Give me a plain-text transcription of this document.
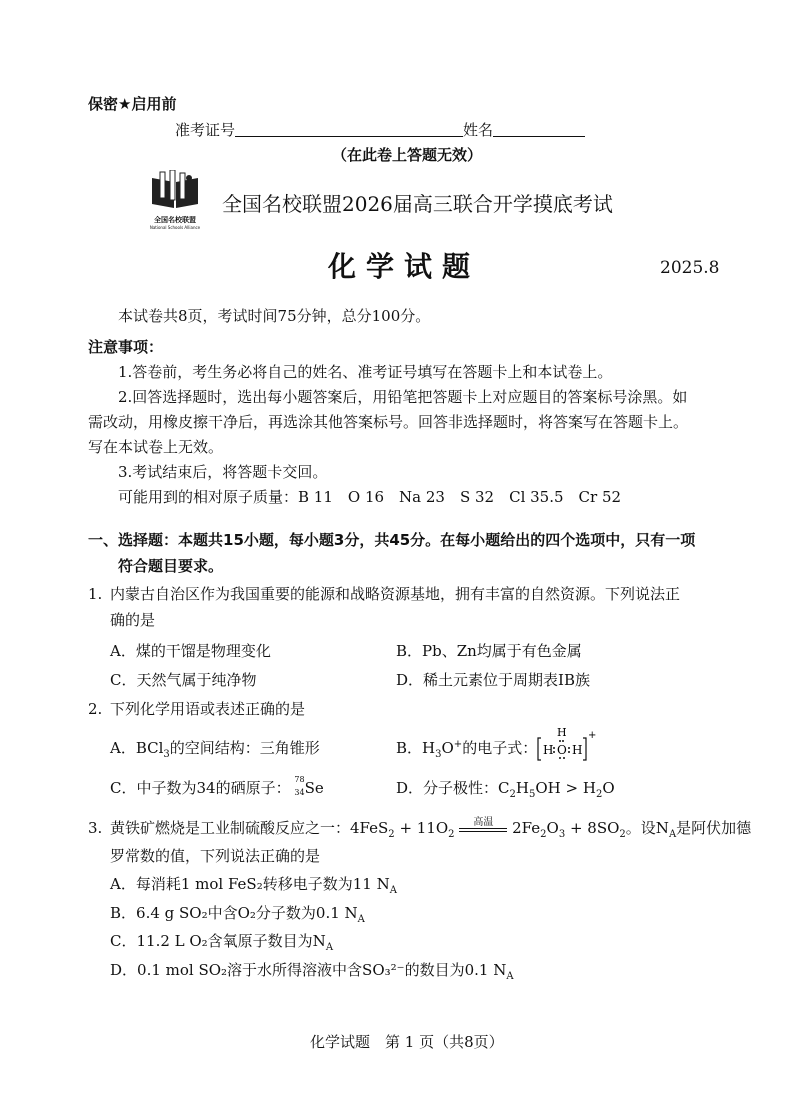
保密★启用前
准考证号	姓名
（在此卷上答题无效）
全国名校联盟
National Schools Alliance
全国名校联盟2026届高三联合开学摸底考试
化学试题	2025.8
本试卷共8页，考试时间75分钟，总分100分。
注意事项：
1.答卷前，考生务必将自己的姓名、准考证号填写在答题卡上和本试卷上。
2.回答选择题时，选出每小题答案后，用铅笔把答题卡上对应题目的答案标号涂黑。如
需改动，用橡皮擦干净后，再选涂其他答案标号。回答非选择题时，将答案写在答题卡上。
写在本试卷上无效。
3.考试结束后，将答题卡交回。
可能用到的相对原子质量：B 11　O 16　Na 23　S 32　Cl 35.5　Cr 52
一、选择题：本题共15小题，每小题3分，共45分。在每小题给出的四个选项中，只有一项
符合题目要求。
1. 内蒙古自治区作为我国重要的能源和战略资源基地，拥有丰富的自然资源。下列说法正
确的是
A．煤的干馏是物理变化	B．Pb、Zn均属于有色金属
C．天然气属于纯净物	D．稀土元素位于周期表ⅠB族
2. 下列化学用语或表述正确的是
A．BCl$_3$的空间结构：三角锥形	B．$H_3O^+$的电子式：
H
H O H
+
C．中子数为34的硒原子： 78
34 Se	D．分子极性：$C_2H_5OH > H_2O$
3. 黄铁矿燃烧是工业制硫酸反应之一：$4FeS_2 + 11O_2$
高温	$2Fe_2O_3 + 8SO_2$。设$N_A$是阿伏加德
罗常数的值，下列说法正确的是
A．每消耗1 mol FeS₂转移电子数为11 $N_A$
B．6.4 g SO₂中含O₂分子数为0.1 $N_A$
C．11.2 L O₂含氧原子数目为$N_A$
D．0.1 mol SO₂溶于水所得溶液中含SO₃²⁻的数目为0.1 $N_A$
化学试题　第 1 页（共8页）
